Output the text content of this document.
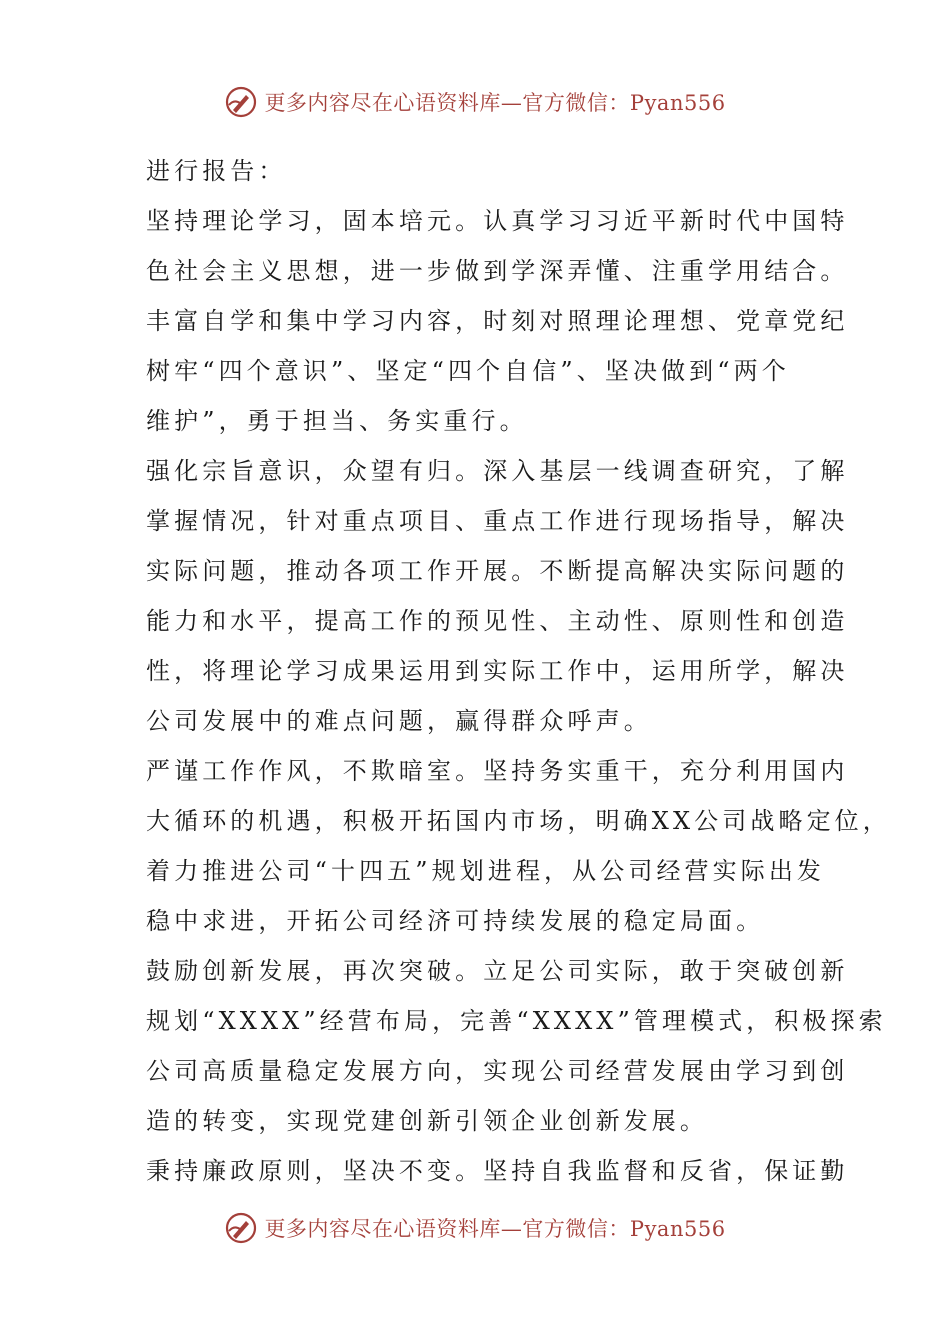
更多内容尽在心语资料库—官方微信：Pyan556
进行报告：
坚持理论学习，固本培元。认真学习习近平新时代中国特
色社会主义思想，进一步做到学深弄懂、注重学用结合。
丰富自学和集中学习内容，时刻对照理论理想、党章党纪
树牢“四个意识”、坚定“四个自信”、坚决做到“两个
维护”，勇于担当、务实重行。
强化宗旨意识，众望有归。深入基层一线调查研究，了解
掌握情况，针对重点项目、重点工作进行现场指导，解决
实际问题，推动各项工作开展。不断提高解决实际问题的
能力和水平，提高工作的预见性、主动性、原则性和创造
性，将理论学习成果运用到实际工作中，运用所学，解决
公司发展中的难点问题，赢得群众呼声。
严谨工作作风，不欺暗室。坚持务实重干，充分利用国内
大循环的机遇，积极开拓国内市场，明确XX公司战略定位，
着力推进公司“十四五”规划进程，从公司经营实际出发
稳中求进，开拓公司经济可持续发展的稳定局面。
鼓励创新发展，再次突破。立足公司实际，敢于突破创新
规划“XXXX”经营布局，完善“XXXX”管理模式，积极探索
公司高质量稳定发展方向，实现公司经营发展由学习到创
造的转变，实现党建创新引领企业创新发展。
秉持廉政原则，坚决不变。坚持自我监督和反省，保证勤
更多内容尽在心语资料库—官方微信：Pyan556
